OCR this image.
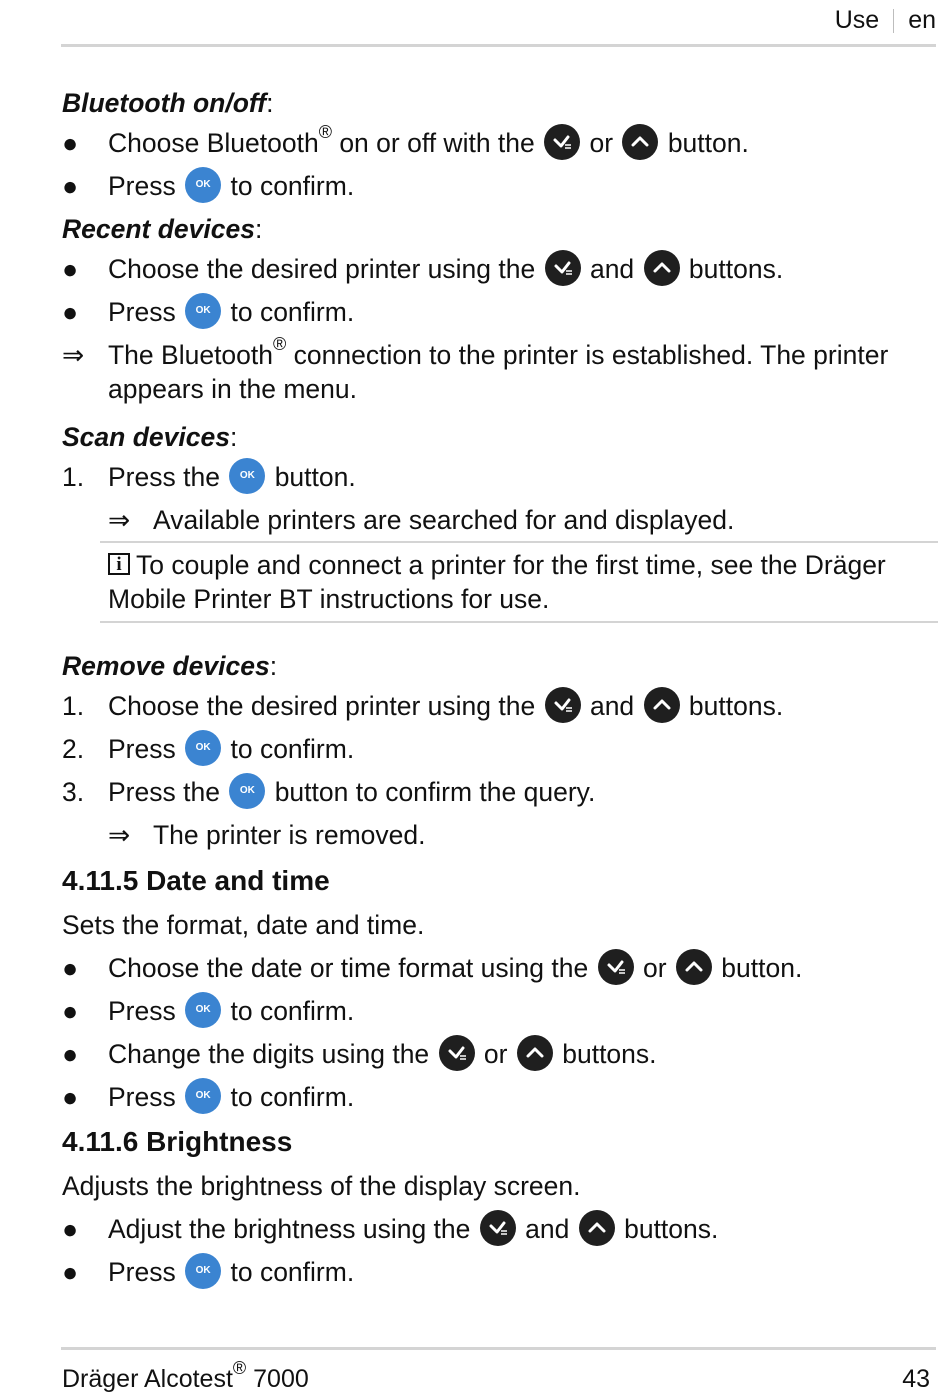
Use en
Bluetooth on/off:
● Choose Bluetooth® on or off with the
or
button.
● Press	OK to confirm.
Recent devices:
● Choose the desired printer using the
and
buttons.
● Press	OK to confirm.
⇒ The Bluetooth® connection to the printer is established. The printer appears in the menu.
Scan devices:
1. Press the	OK button.
⇒ Available printers are searched for and displayed.
i To couple and connect a printer for the first time, see the Dräger Mobile Printer BT instructions for use.
Remove devices:
1. Choose the desired printer using the
and
buttons.
2. Press	OK to confirm.
3. Press the	OK button to confirm the query.
⇒ The printer is removed.
4.11.5 Date and time
Sets the format, date and time.
● Choose the date or time format using the
or
button.
● Press	OK to confirm.
● Change the digits using the
or
buttons.
● Press	OK to confirm.
4.11.6 Brightness
Adjusts the brightness of the display screen.
● Adjust the brightness using the
and
buttons.
● Press	OK to confirm.
Dräger Alcotest® 7000	43
